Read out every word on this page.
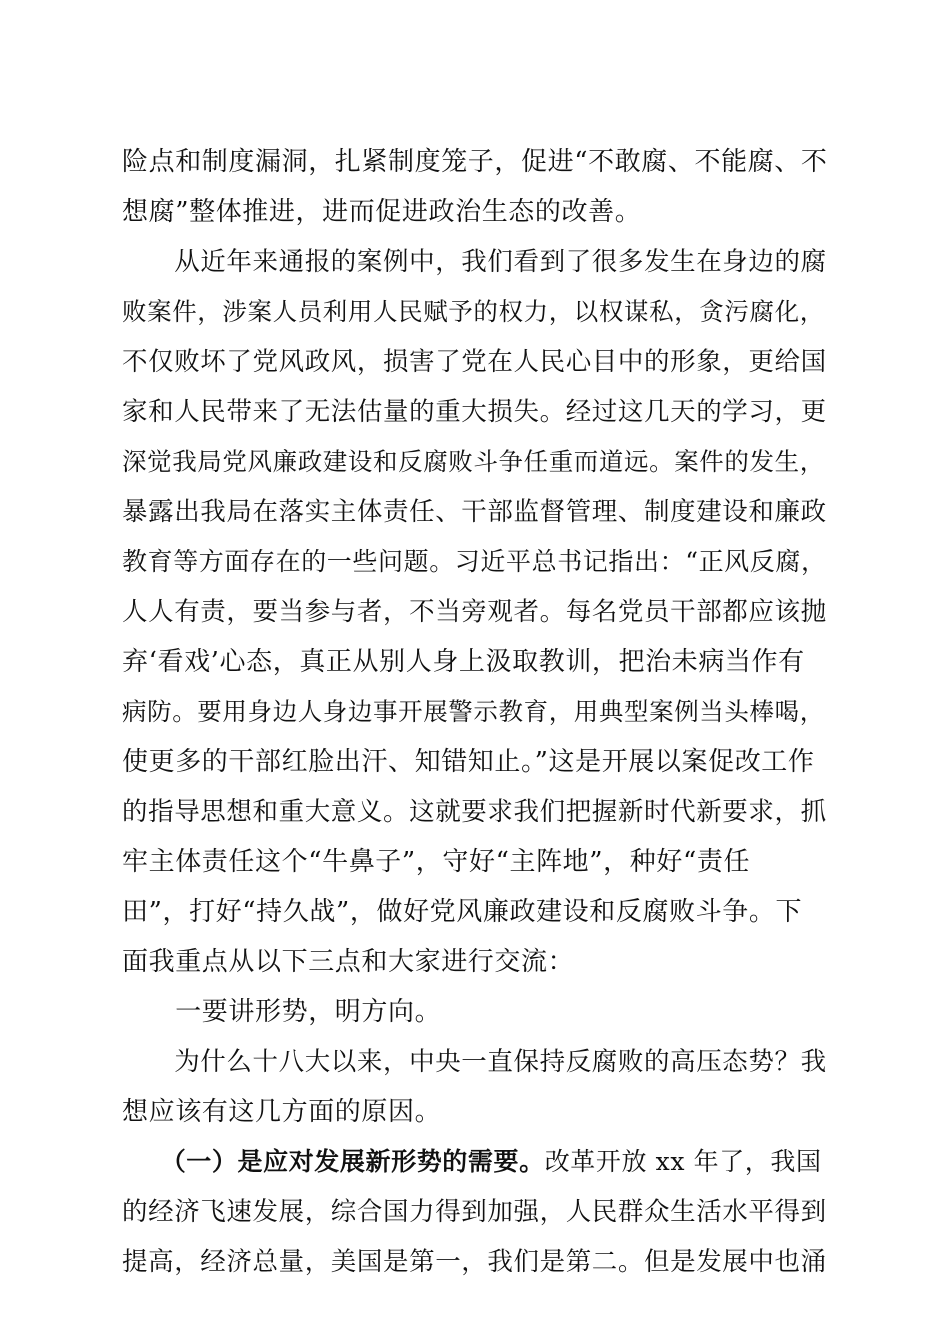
险点和制度漏洞，扎紧制度笼子，促进“不敢腐、不能腐、不
想腐”整体推进，进而促进政治生态的改善。
　　从近年来通报的案例中，我们看到了很多发生在身边的腐
败案件，涉案人员利用人民赋予的权力，以权谋私，贪污腐化，
不仅败坏了党风政风，损害了党在人民心目中的形象，更给国
家和人民带来了无法估量的重大损失。经过这几天的学习，更
深觉我局党风廉政建设和反腐败斗争任重而道远。案件的发生，
暴露出我局在落实主体责任、干部监督管理、制度建设和廉政
教育等方面存在的一些问题。习近平总书记指出：“正风反腐，
人人有责，要当参与者，不当旁观者。每名党员干部都应该抛
弃‘看戏’心态，真正从别人身上汲取教训，把治未病当作有
病防。要用身边人身边事开展警示教育，用典型案例当头棒喝，
使更多的干部红脸出汗、知错知止。”这是开展以案促改工作
的指导思想和重大意义。这就要求我们把握新时代新要求，抓
牢主体责任这个“牛鼻子”，守好“主阵地”，种好“责任
田”，打好“持久战”，做好党风廉政建设和反腐败斗争。下
面我重点从以下三点和大家进行交流：
　　一要讲形势，明方向。
　　为什么十八大以来，中央一直保持反腐败的高压态势？我
想应该有这几方面的原因。
　　（一）是应对发展新形势的需要。改革开放 xx 年了，我国
的经济飞速发展，综合国力得到加强，人民群众生活水平得到
提高，经济总量，美国是第一，我们是第二。但是发展中也涌
